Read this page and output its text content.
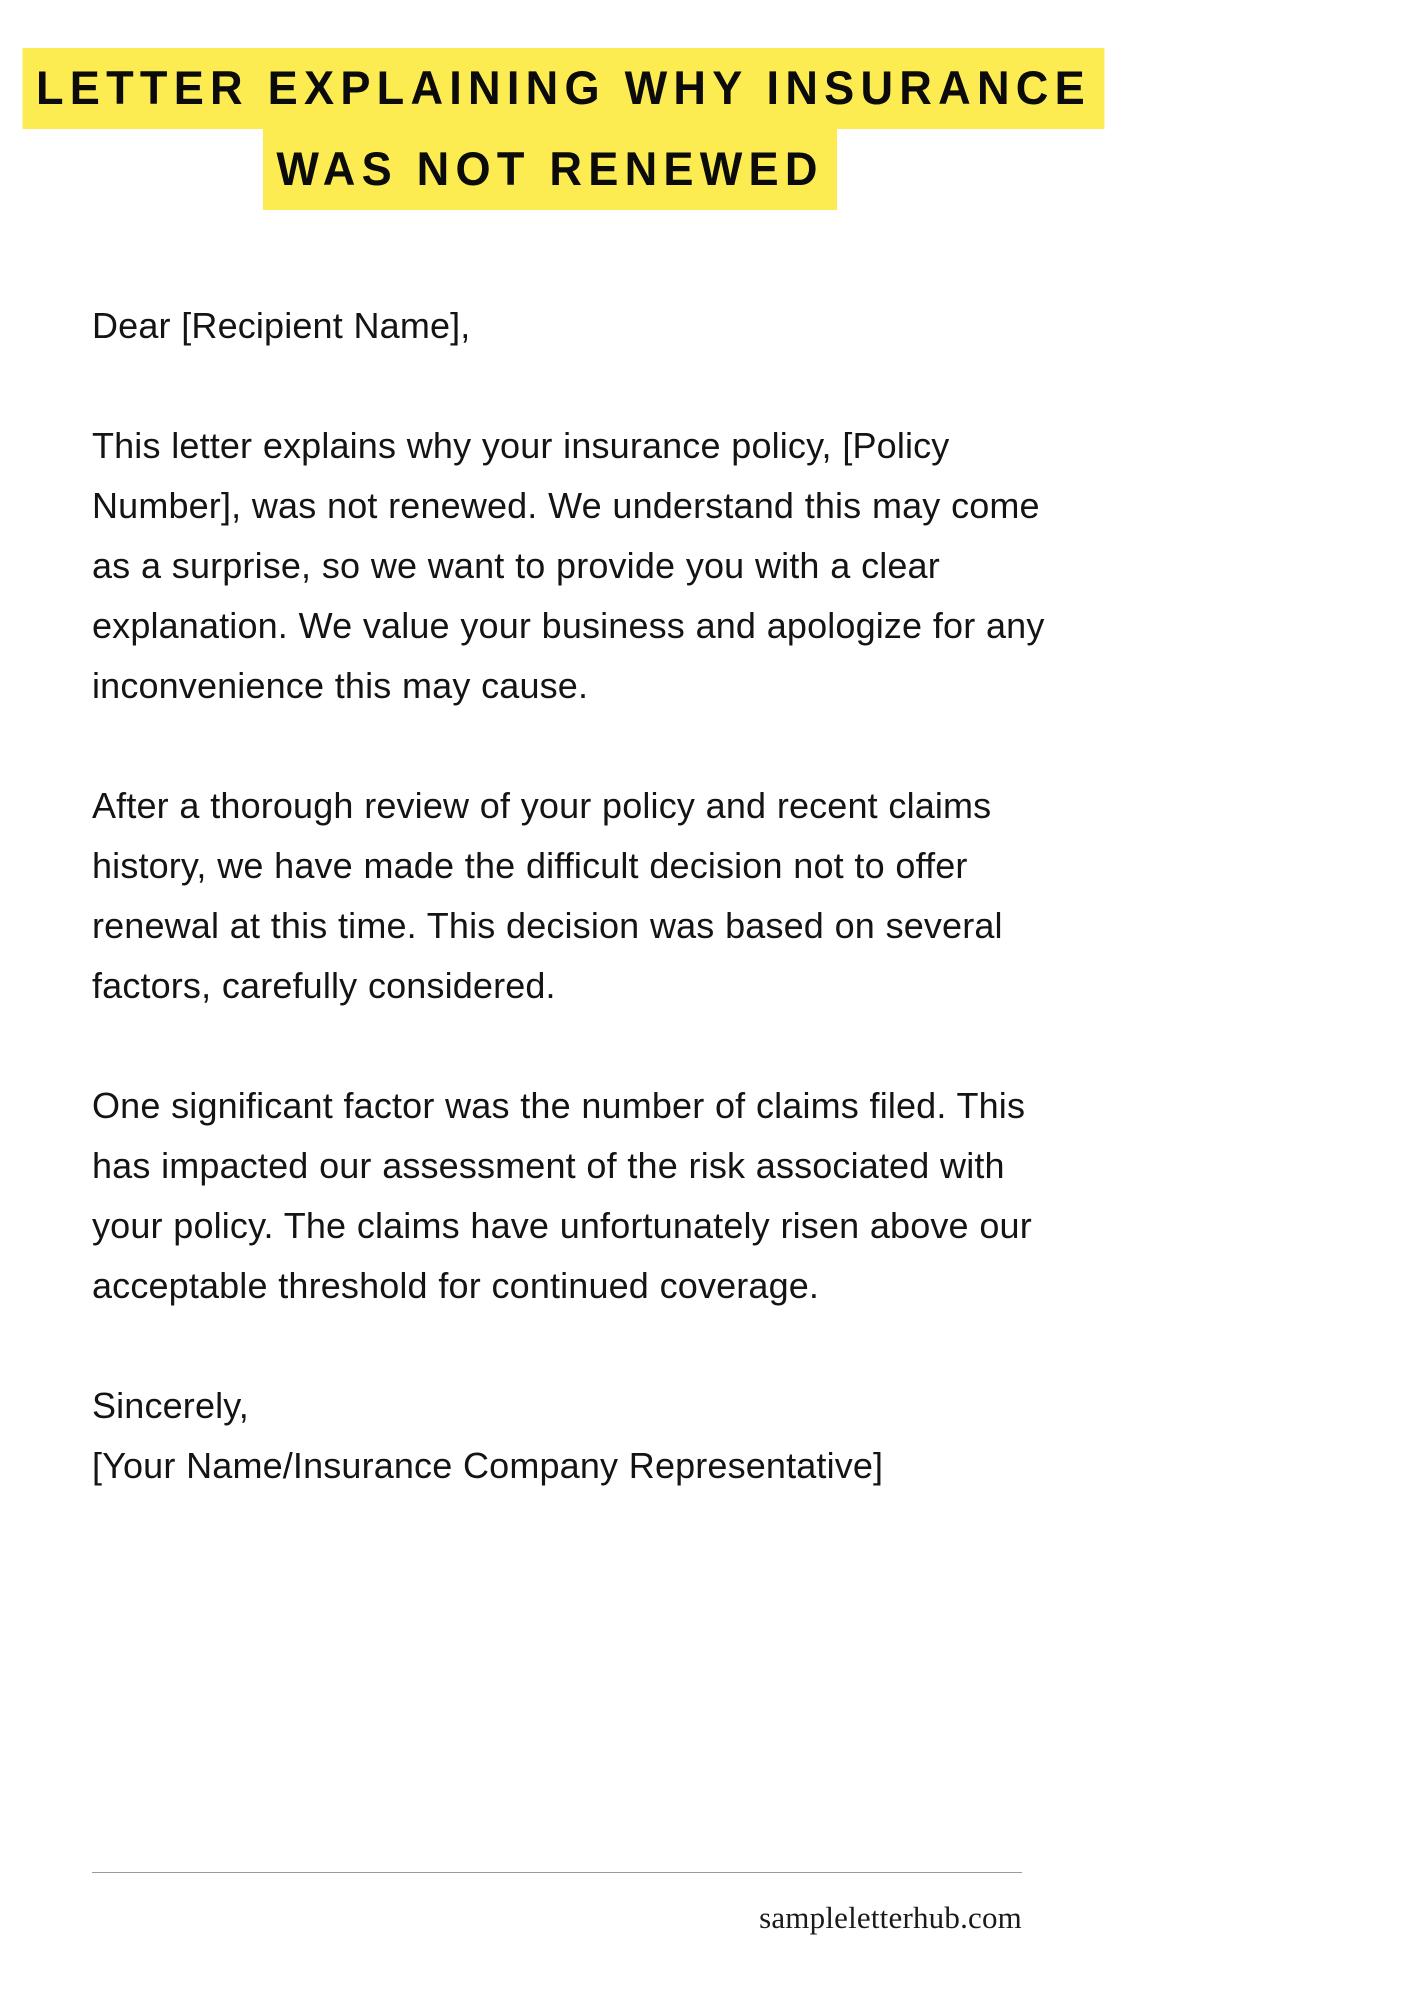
LETTER EXPLAINING WHY INSURANCE WAS NOT RENEWED

Dear [Recipient Name],

This letter explains why your insurance policy, [Policy Number], was not renewed. We understand this may come as a surprise, so we want to provide you with a clear explanation. We value your business and apologize for any inconvenience this may cause.

After a thorough review of your policy and recent claims history, we have made the difficult decision not to offer renewal at this time. This decision was based on several factors, carefully considered.

One significant factor was the number of claims filed. This has impacted our assessment of the risk associated with your policy. The claims have unfortunately risen above our acceptable threshold for continued coverage.

Sincerely,

[Your Name/Insurance Company Representative]

sampleletterhub.com
